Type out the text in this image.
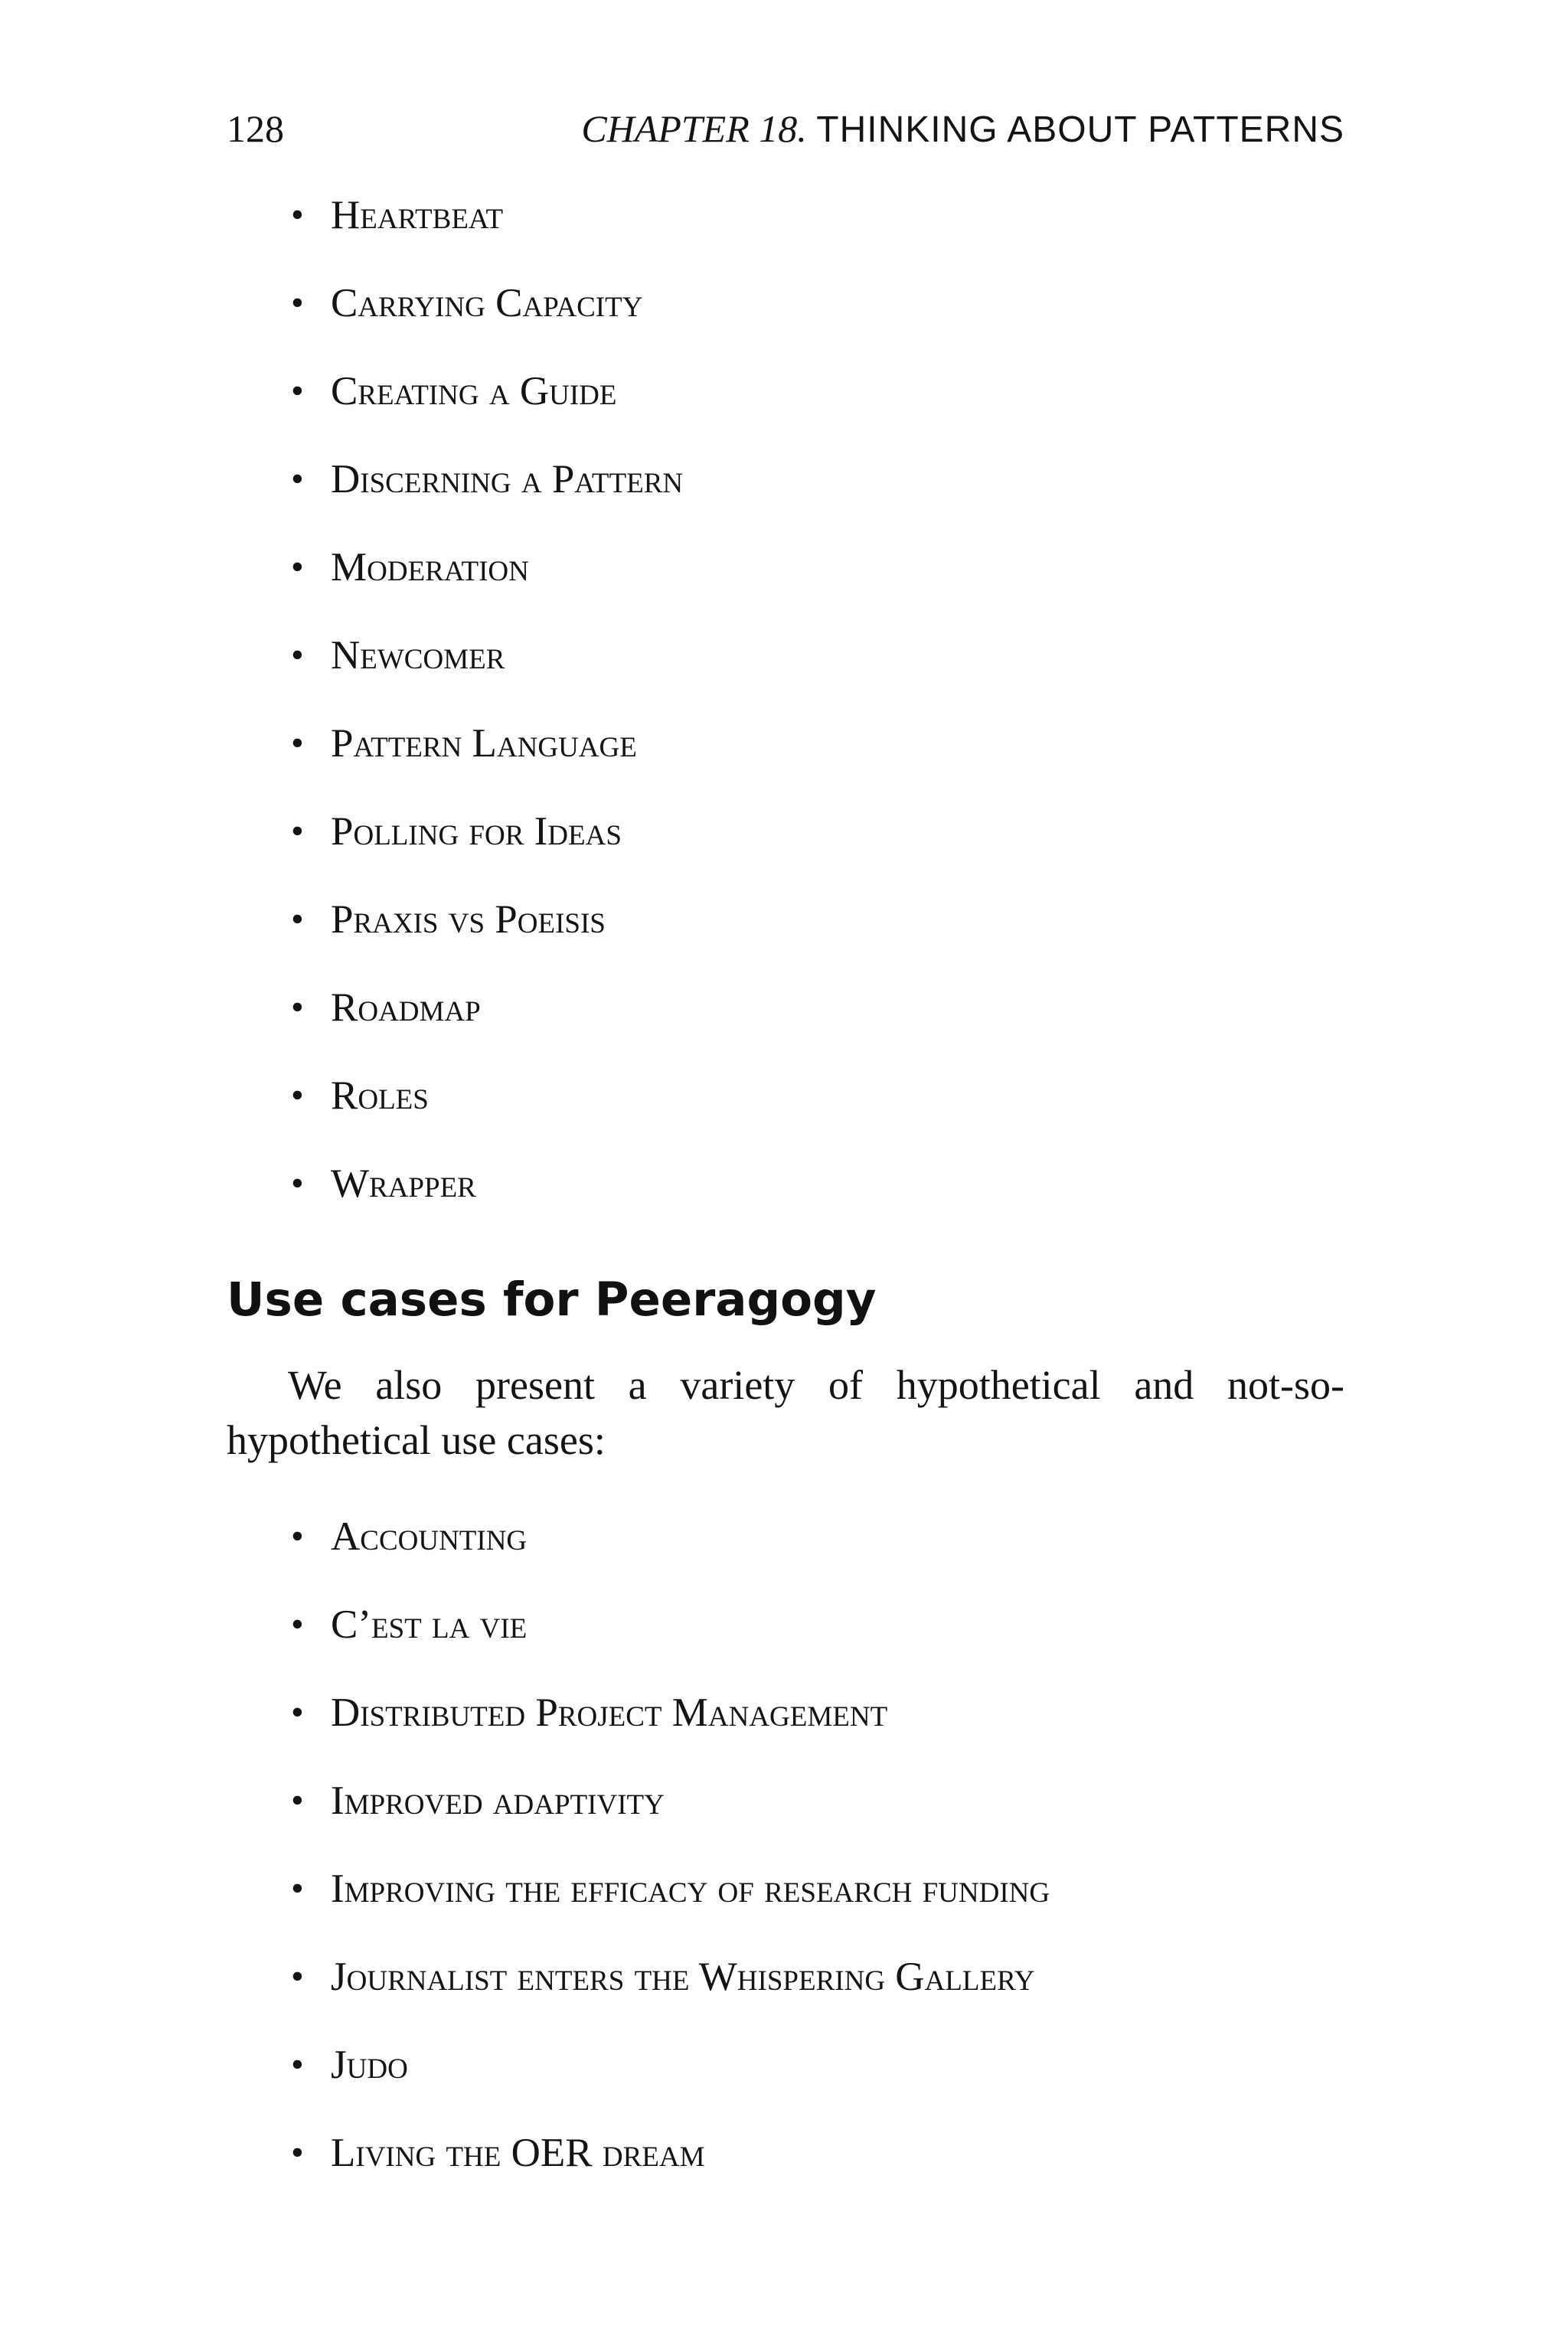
128	CHAPTER 18. THINKING ABOUT PATTERNS
• Heartbeat
• Carrying Capacity
• Creating a Guide
• Discerning a Pattern
• Moderation
• Newcomer
• Pattern Language
• Polling for Ideas
• Praxis vs Poeisis
• Roadmap
• Roles
• Wrapper
Use cases for Peeragogy

We also present a variety of hypothetical and not-so-
hypothetical use cases:

• Accounting
• C’est la vie
• Distributed Project Management
• Improved adaptivity
• Improving the efficacy of research funding
• Journalist enters the Whispering Gallery
• Judo
• Living the OER dream
